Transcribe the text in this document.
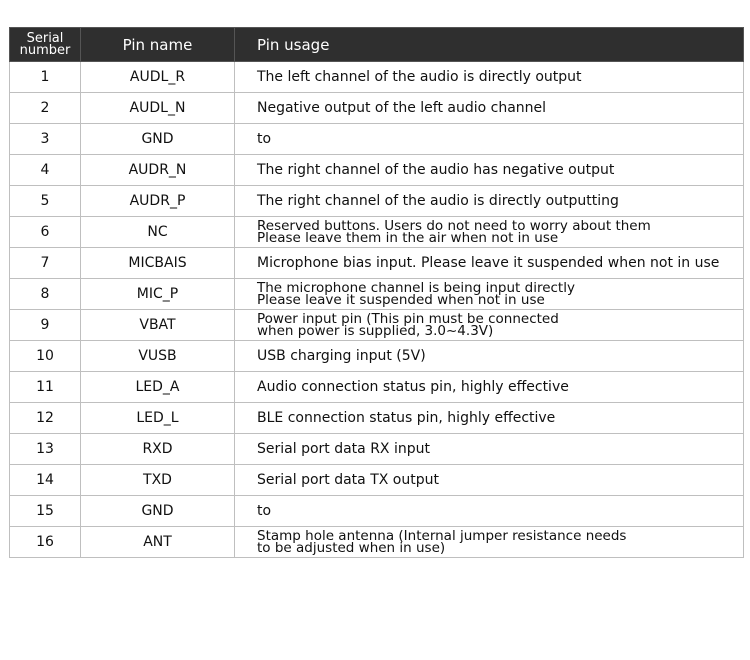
Serial
number	Pin name	Pin usage
1	AUDL_R	The left channel of the audio is directly output
2	AUDL_N	Negative output of the left audio channel
3	GND	to
4	AUDR_N	The right channel of the audio has negative output
5	AUDR_P	The right channel of the audio is directly outputting
6	NC	Reserved buttons. Users do not need to worry about them
Please leave them in the air when not in use

7	MICBAIS	Microphone bias input. Please leave it suspended when not in use
8	MIC_P	The microphone channel is being input directly
Please leave it suspended when not in use

9	VBAT	Power input pin (This pin must be connected
when power is supplied, 3.0~4.3V)

10	VUSB	USB charging input (5V)
11	LED_A	Audio connection status pin, highly effective
12	LED_L	BLE connection status pin, highly effective
13	RXD	Serial port data RX input
14	TXD	Serial port data TX output
15	GND	to
16	ANT	Stamp hole antenna (Internal jumper resistance needs
to be adjusted when in use)
